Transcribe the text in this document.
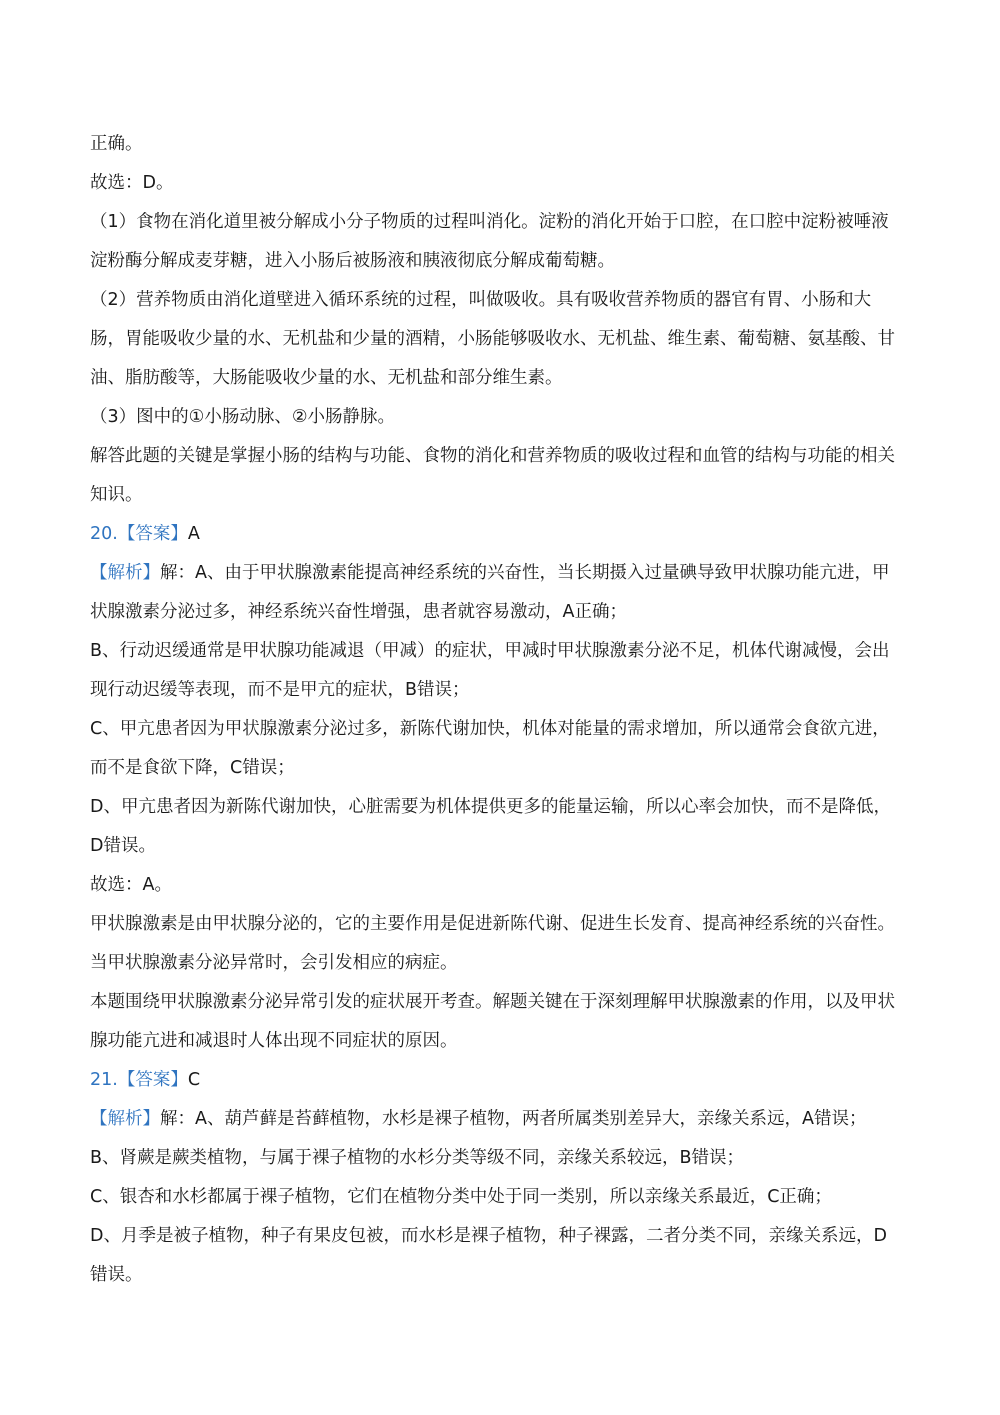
正确。
故选：D。
（1）食物在消化道里被分解成小分子物质的过程叫消化。淀粉的消化开始于口腔，在口腔中淀粉被唾液
淀粉酶分解成麦芽糖，进入小肠后被肠液和胰液彻底分解成葡萄糖。
（2）营养物质由消化道壁进入循环系统的过程，叫做吸收。具有吸收营养物质的器官有胃、小肠和大
肠，胃能吸收少量的水、无机盐和少量的酒精，小肠能够吸收水、无机盐、维生素、葡萄糖、氨基酸、甘
油、脂肪酸等，大肠能吸收少量的水、无机盐和部分维生素。
（3）图中的①小肠动脉、②小肠静脉。
解答此题的关键是掌握小肠的结构与功能、食物的消化和营养物质的吸收过程和血管的结构与功能的相关
知识。
20.【答案】A
【解析】解：A、由于甲状腺激素能提高神经系统的兴奋性，当长期摄入过量碘导致甲状腺功能亢进，甲
状腺激素分泌过多，神经系统兴奋性增强，患者就容易激动，A正确；
B、行动迟缓通常是甲状腺功能减退（甲减）的症状，甲减时甲状腺激素分泌不足，机体代谢减慢，会出
现行动迟缓等表现，而不是甲亢的症状，B错误；
C、甲亢患者因为甲状腺激素分泌过多，新陈代谢加快，机体对能量的需求增加，所以通常会食欲亢进，
而不是食欲下降，C错误；
D、甲亢患者因为新陈代谢加快，心脏需要为机体提供更多的能量运输，所以心率会加快，而不是降低，
D错误。
故选：A。
甲状腺激素是由甲状腺分泌的，它的主要作用是促进新陈代谢、促进生长发育、提高神经系统的兴奋性。
当甲状腺激素分泌异常时，会引发相应的病症。
本题围绕甲状腺激素分泌异常引发的症状展开考查。解题关键在于深刻理解甲状腺激素的作用，以及甲状
腺功能亢进和减退时人体出现不同症状的原因。
21.【答案】C
【解析】解：A、葫芦藓是苔藓植物，水杉是裸子植物，两者所属类别差异大，亲缘关系远，A错误；
B、肾蕨是蕨类植物，与属于裸子植物的水杉分类等级不同，亲缘关系较远，B错误；
C、银杏和水杉都属于裸子植物，它们在植物分类中处于同一类别，所以亲缘关系最近，C正确；
D、月季是被子植物，种子有果皮包被，而水杉是裸子植物，种子裸露，二者分类不同，亲缘关系远，D
错误。
